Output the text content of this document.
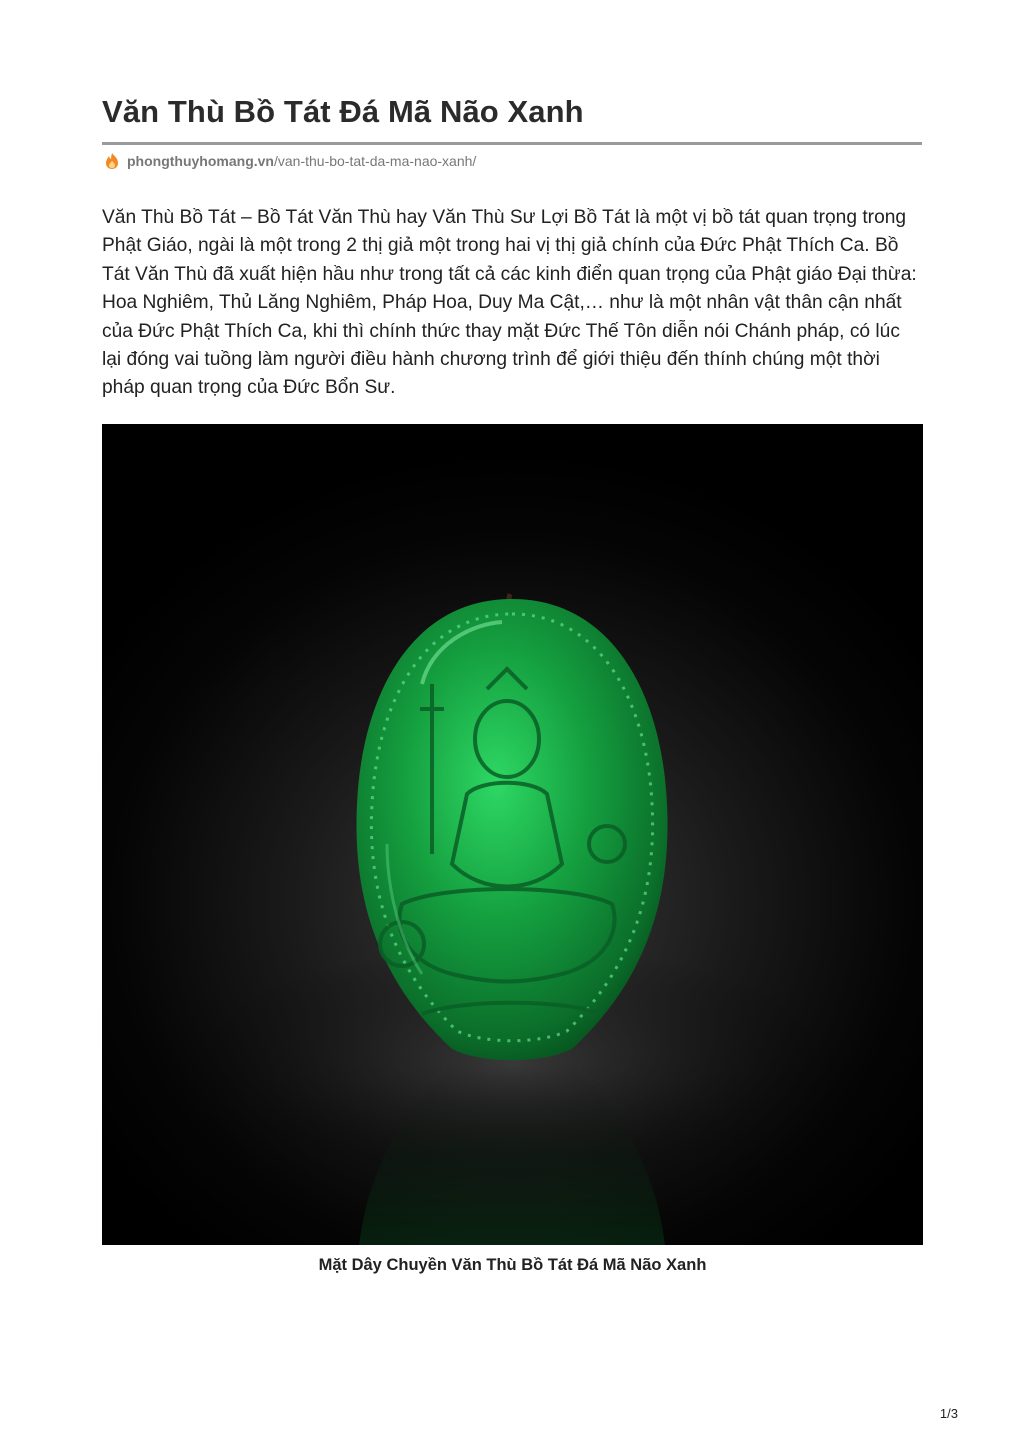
Văn Thù Bồ Tát Đá Mã Não Xanh
phongthuyhomang.vn /van-thu-bo-tat-da-ma-nao-xanh/

Văn Thù Bồ Tát – Bồ Tát Văn Thù hay Văn Thù Sư Lợi Bồ Tát là một vị bồ tát quan trọng trong Phật Giáo, ngài là một trong 2 thị giả một trong hai vị thị giả chính của Đức Phật Thích Ca. Bồ Tát Văn Thù đã xuất hiện hầu như trong tất cả các kinh điển quan trọng của Phật giáo Đại thừa: Hoa Nghiêm, Thủ Lăng Nghiêm, Pháp Hoa, Duy Ma Cật,… như là một nhân vật thân cận nhất của Đức Phật Thích Ca, khi thì chính thức thay mặt Đức Thế Tôn diễn nói Chánh pháp, có lúc lại đóng vai tuồng làm người điều hành chương trình để giới thiệu đến thính chúng một thời pháp quan trọng của Đức Bổn Sư.

Mặt Dây Chuyền Văn Thù Bồ Tát Đá Mã Não Xanh
1/3
